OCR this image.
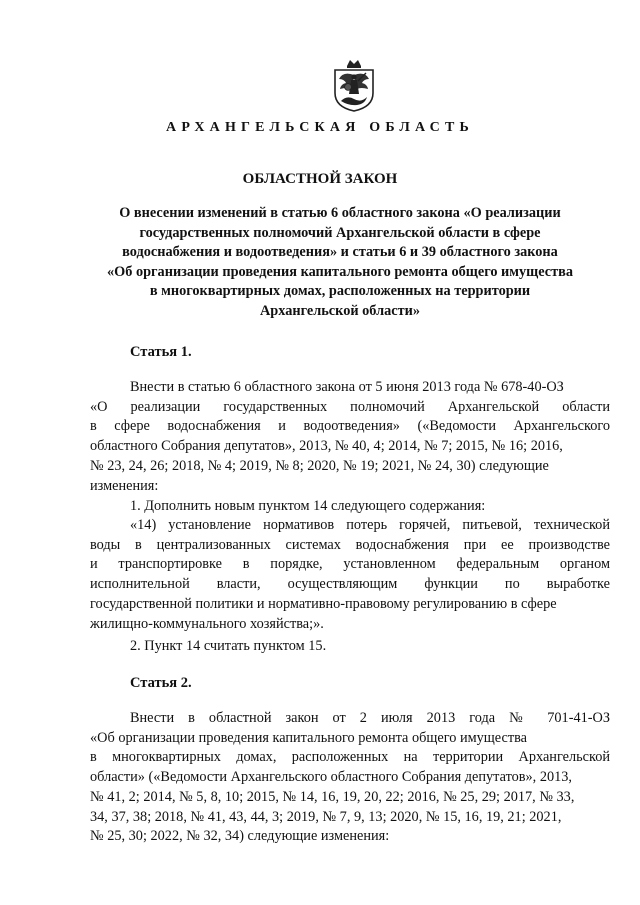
АРХАНГЕЛЬСКАЯ ОБЛАСТЬ
ОБЛАСТНОЙ ЗАКОН
О внесении изменений в статью 6 областного закона «О реализации
государственных полномочий Архангельской области в сфере
водоснабжения и водоотведения» и статьи 6 и 39 областного закона
«Об организации проведения капитального ремонта общего имущества
в многоквартирных домах, расположенных на территории
Архангельской области»
Статья 1.
Внести в статью 6 областного закона от 5 июня 2013 года № 678-40-ОЗ
«О реализации государственных полномочий Архангельской области
в сфере водоснабжения и водоотведения» («Ведомости Архангельского
областного Собрания депутатов», 2013, № 40, 4; 2014, № 7; 2015, № 16; 2016,
№ 23, 24, 26; 2018, № 4; 2019, № 8; 2020, № 19; 2021, № 24, 30) следующие
изменения:
1. Дополнить новым пунктом 14 следующего содержания:
«14) установление нормативов потерь горячей, питьевой, технической
воды в централизованных системах водоснабжения при ее производстве
и транспортировке в порядке, установленном федеральным органом
исполнительной власти, осуществляющим функции по выработке
государственной политики и нормативно-правовому регулированию в сфере
жилищно-коммунального хозяйства;».
2. Пункт 14 считать пунктом 15.
Статья 2.
Внести в областной закон от 2 июля 2013 года № 701-41-ОЗ
«Об организации проведения капитального ремонта общего имущества
в многоквартирных домах, расположенных на территории Архангельской
области» («Ведомости Архангельского областного Собрания депутатов», 2013,
№ 41, 2; 2014, № 5, 8, 10; 2015, № 14, 16, 19, 20, 22; 2016, № 25, 29; 2017, № 33,
34, 37, 38; 2018, № 41, 43, 44, 3; 2019, № 7, 9, 13; 2020, № 15, 16, 19, 21; 2021,
№ 25, 30; 2022, № 32, 34) следующие изменения:
